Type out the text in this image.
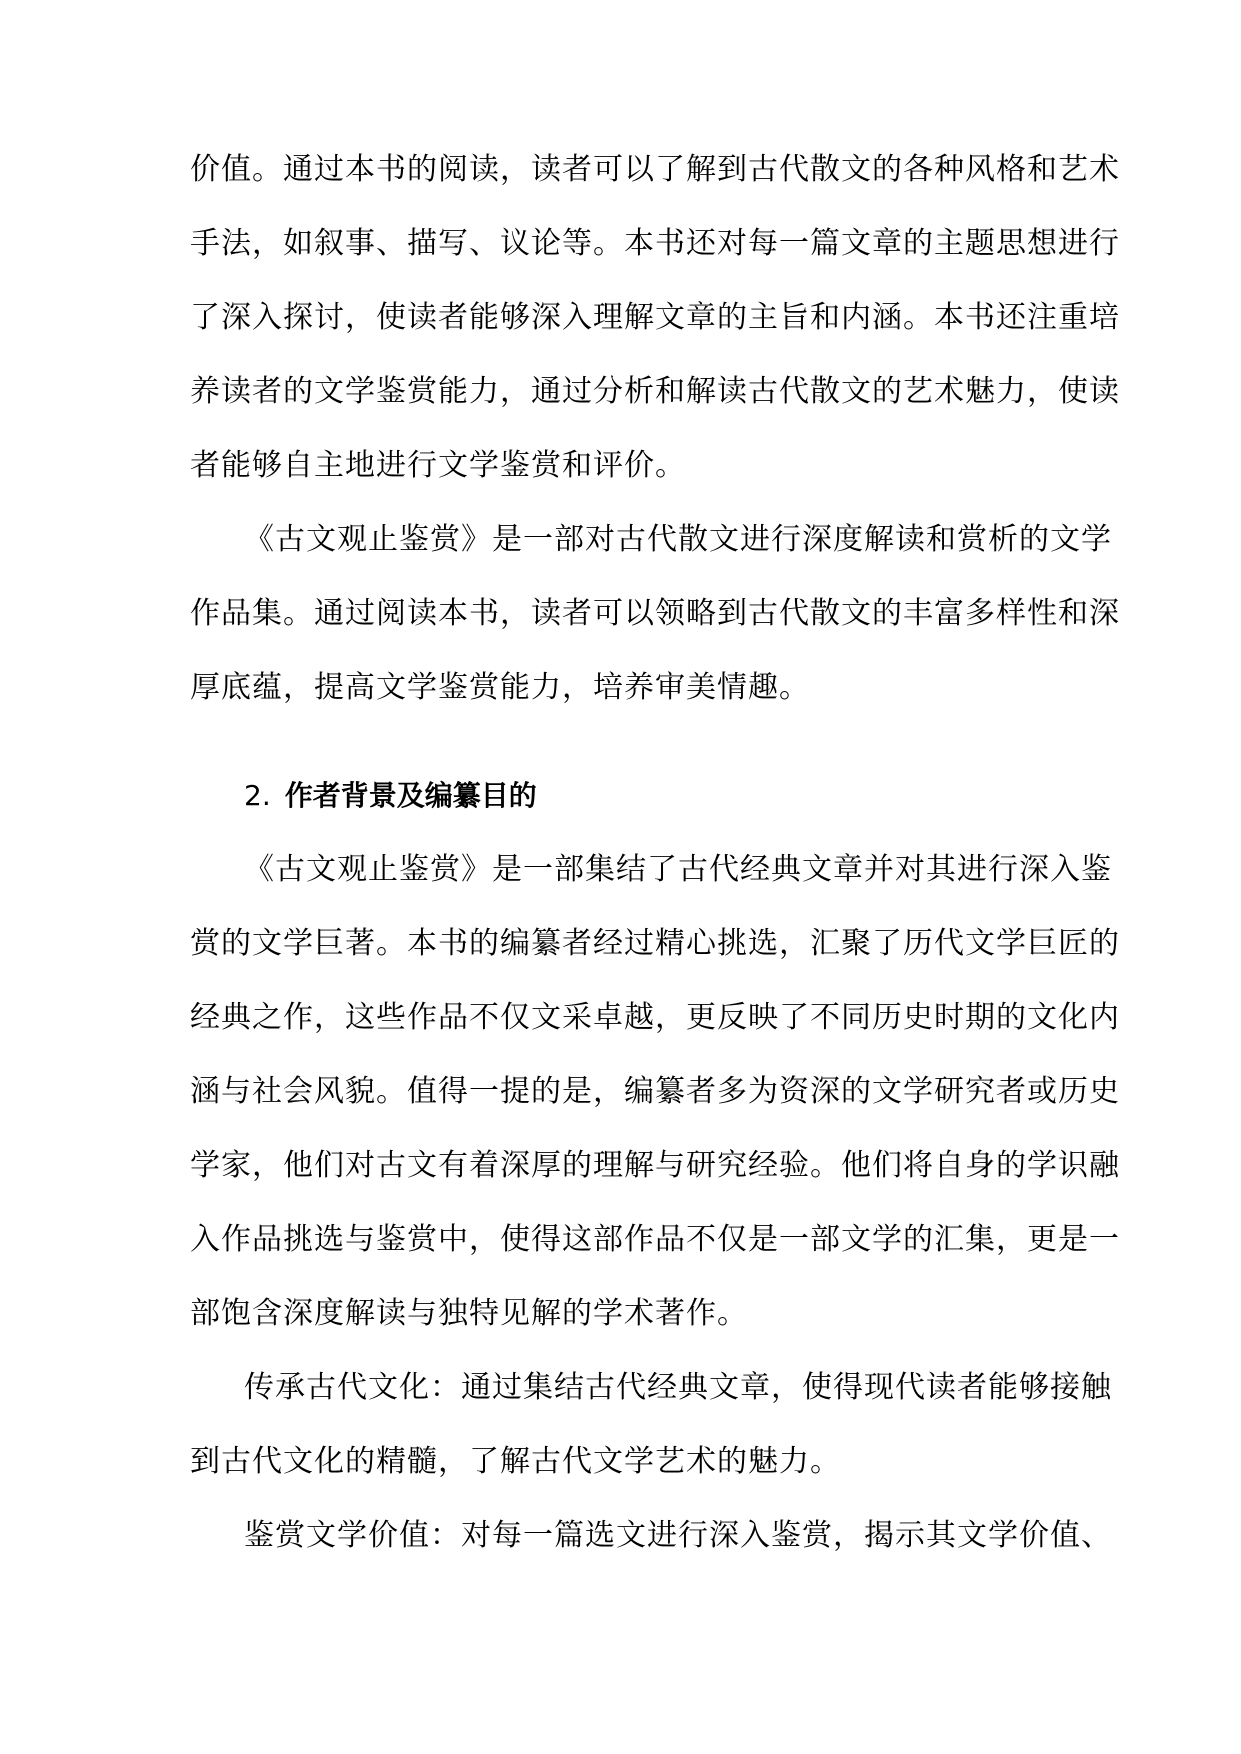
价值。通过本书的阅读，读者可以了解到古代散文的各种风格和艺术

手法，如叙事、描写、议论等。本书还对每一篇文章的主题思想进行

了深入探讨，使读者能够深入理解文章的主旨和内涵。本书还注重培

养读者的文学鉴赏能力，通过分析和解读古代散文的艺术魅力，使读

者能够自主地进行文学鉴赏和评价。

《古文观止鉴赏》是一部对古代散文进行深度解读和赏析的文学

作品集。通过阅读本书，读者可以领略到古代散文的丰富多样性和深

厚底蕴，提高文学鉴赏能力，培养审美情趣。

2. 作者背景及编纂目的

《古文观止鉴赏》是一部集结了古代经典文章并对其进行深入鉴

赏的文学巨著。本书的编纂者经过精心挑选，汇聚了历代文学巨匠的

经典之作，这些作品不仅文采卓越，更反映了不同历史时期的文化内

涵与社会风貌。值得一提的是，编纂者多为资深的文学研究者或历史

学家，他们对古文有着深厚的理解与研究经验。他们将自身的学识融

入作品挑选与鉴赏中，使得这部作品不仅是一部文学的汇集，更是一

部饱含深度解读与独特见解的学术著作。

传承古代文化：通过集结古代经典文章，使得现代读者能够接触

到古代文化的精髓，了解古代文学艺术的魅力。

鉴赏文学价值：对每一篇选文进行深入鉴赏，揭示其文学价值、
